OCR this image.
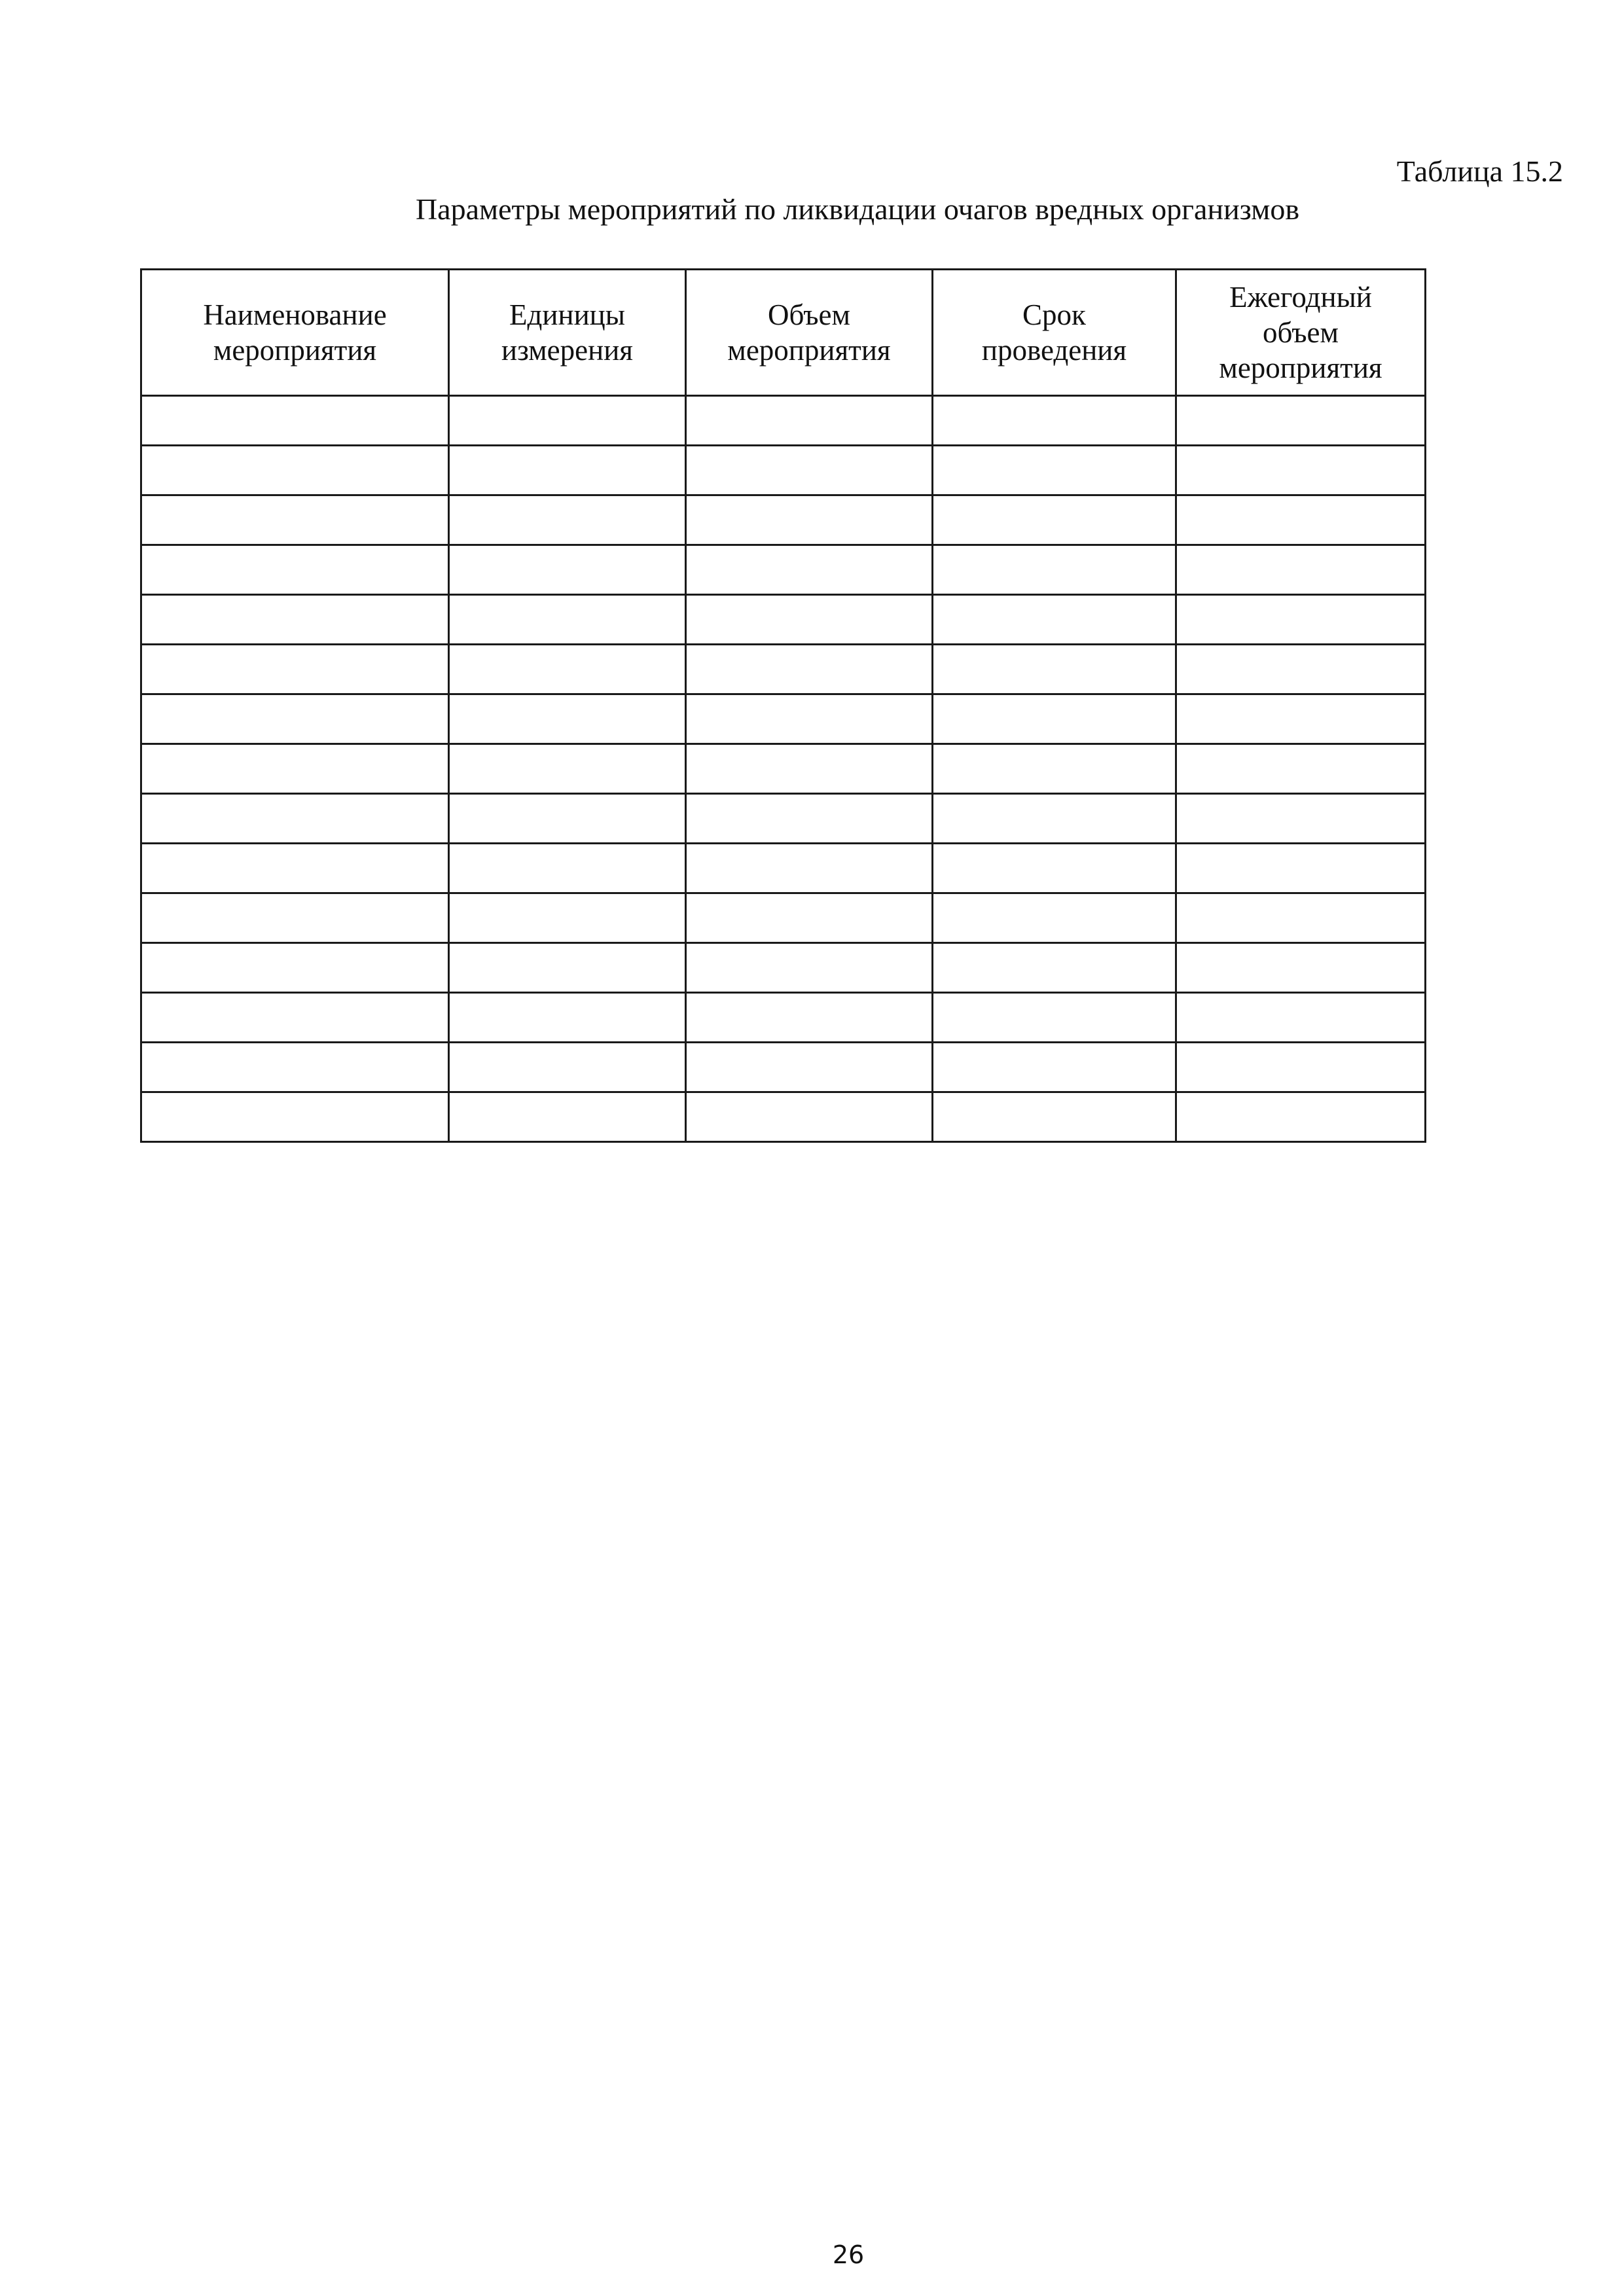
Таблица 15.2
Параметры мероприятий по ликвидации очагов вредных организмов
Наименование мероприятия	Единицы измерения	Объем мероприятия	Срок проведения	Ежегодный объем мероприятия

26
